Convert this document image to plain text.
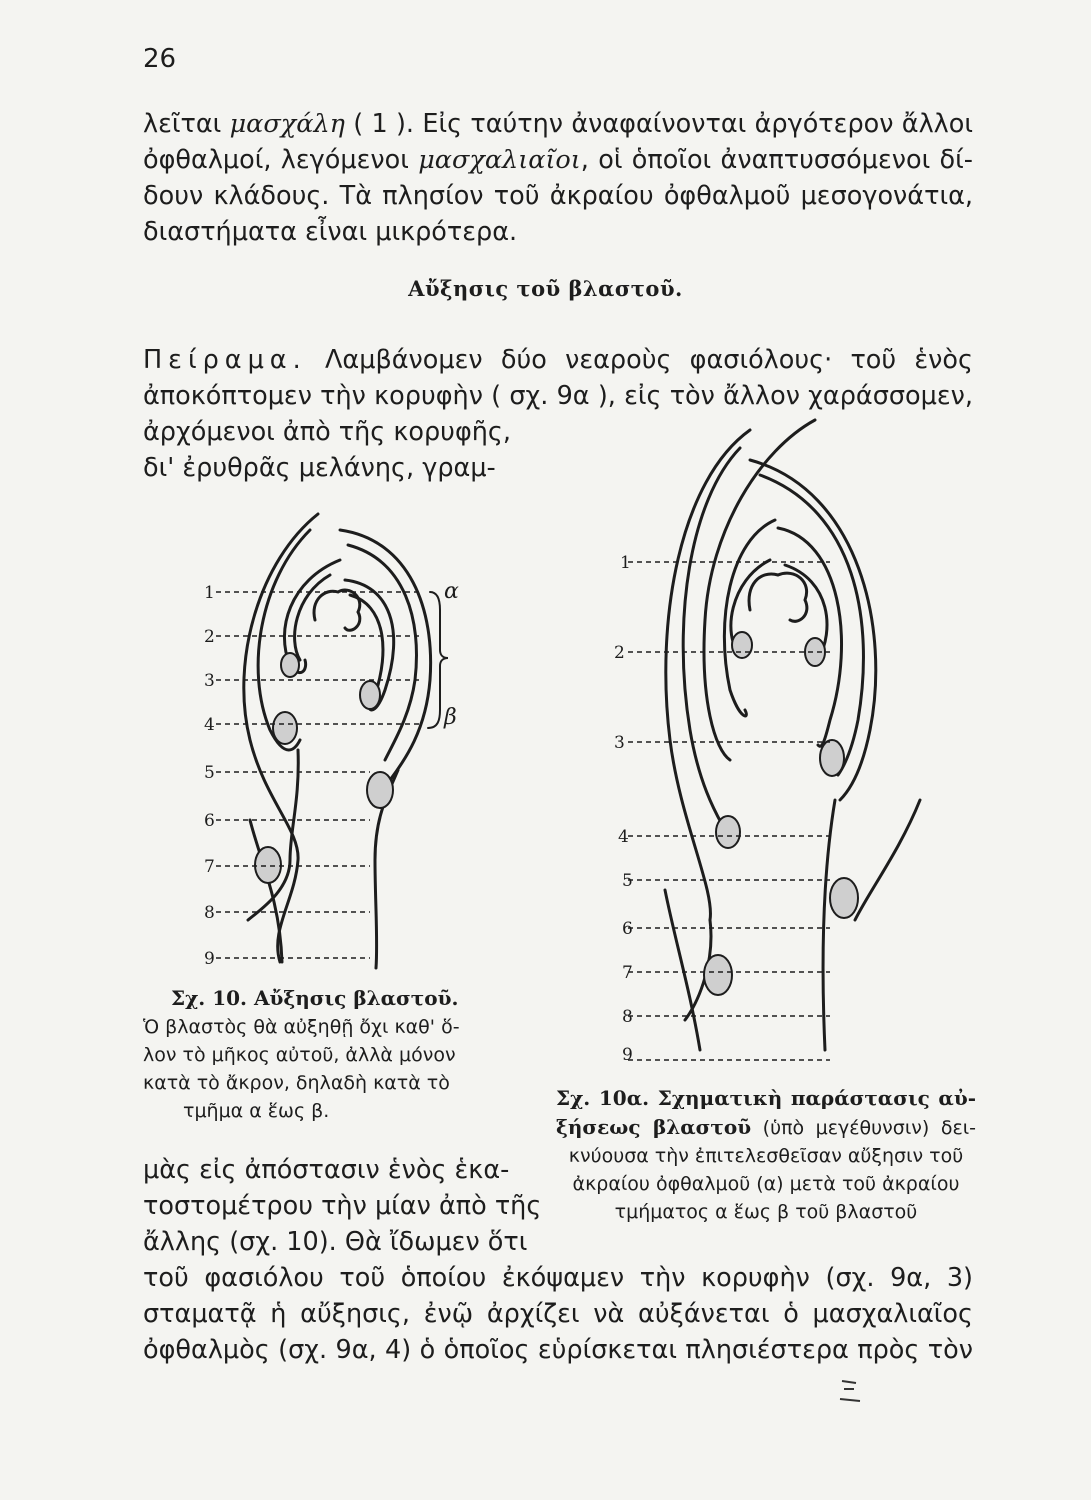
26
λεῖται μασχάλη ( 1 ). Εἰς ταύτην ἀναφαίνονται ἀργότερον ἄλλοι
ὀφθαλμοί, λεγόμενοι μασχαλιαῖοι, οἱ ὁποῖοι ἀναπτυσσόμενοι δί-
δουν κλάδους. Τὰ πλησίον τοῦ ἀκραίου ὀφθαλμοῦ μεσογονάτια,
διαστήματα εἶναι μικρότερα.
Αὔξησις τοῦ βλαστοῦ.
Πείραμα. Λαμβάνομεν δύο νεαροὺς φασιόλους· τοῦ ἑνὸς
ἀποκόπτομεν τὴν κορυφὴν ( σχ. 9α ), εἰς τὸν ἄλλον χαράσσομεν,
ἀρχόμενοι ἀπὸ τῆς κορυφῆς,
δι' ἐρυθρᾶς μελάνης, γραμ-
1
2
3
4
5
6
7
8
9
α
β
Σχ. 10. Αὔξησις βλαστοῦ.
Ὁ βλαστὸς θὰ αὐξηθῇ ὄχι καθ' ὅ-
λον τὸ μῆκος αὐτοῦ, ἀλλὰ μόνον
κατὰ τὸ ἄκρον, δηλαδὴ κατὰ τὸ
τμῆμα α ἕως β.
1
2
3
4
5
6
7
8
9
Σχ. 10α. Σχηματικὴ παράστασις αὐ-
ξήσεως βλαστοῦ (ὑπὸ μεγέθυνσιν) δει-
κνύουσα τὴν ἐπιτελεσθεῖσαν αὔξησιν τοῦ
ἀκραίου ὀφθαλμοῦ (α) μετὰ τοῦ ἀκραίου
τμήματος α ἕως β τοῦ βλαστοῦ
μὰς εἰς ἀπόστασιν ἑνὸς ἑκα-
τοστομέτρου τὴν μίαν ἀπὸ τῆς
ἄλλης (σχ. 10). Θὰ ἴδωμεν ὅτι
τοῦ φασιόλου τοῦ ὁποίου ἐκόψαμεν τὴν κορυφὴν (σχ. 9α, 3)
σταματᾷ ἡ αὔξησις, ἐνῷ ἀρχίζει νὰ αὐξάνεται ὁ μασχαλιαῖος
ὀφθαλμὸς (σχ. 9α, 4) ὁ ὁποῖος εὑρίσκεται πλησιέστερα πρὸς τὸν
